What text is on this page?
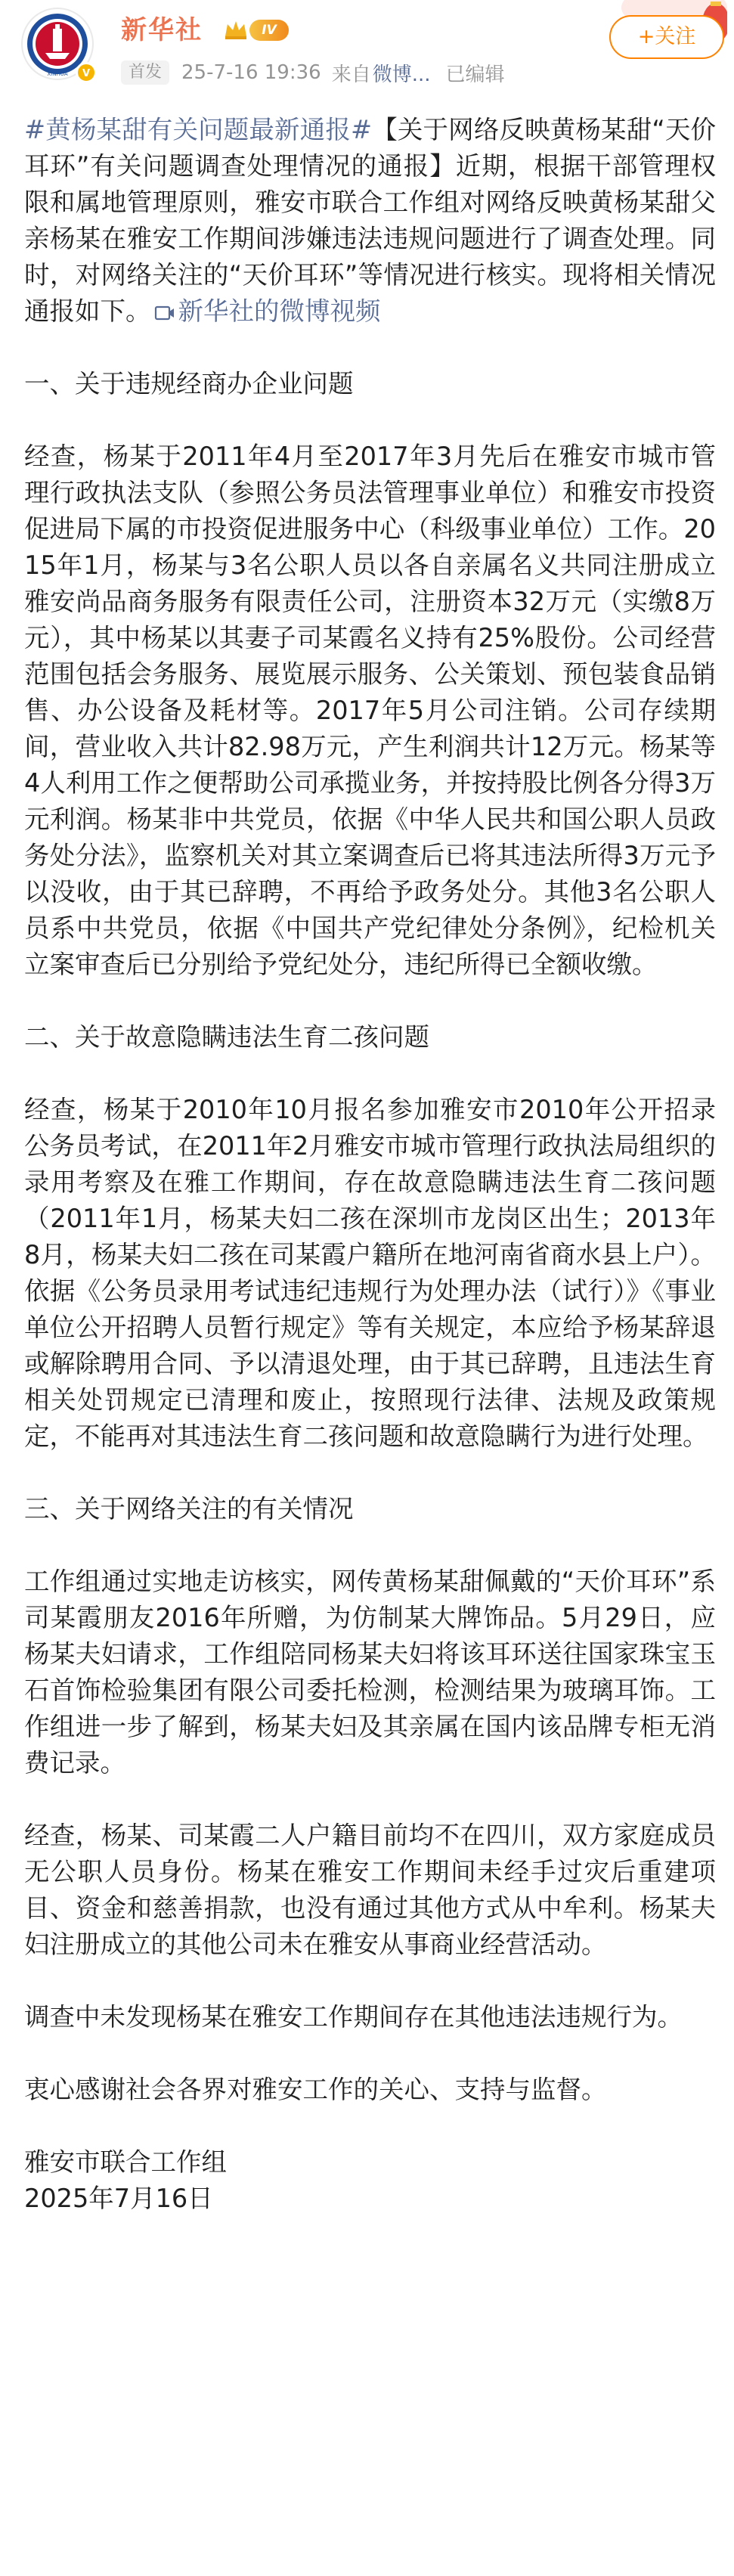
XINHUA V
新华社	IV
首发	25-7-16 19:36 来自 微博... 已编辑
+关注

#黄杨某甜有关问题最新通报#【关于网络反映黄杨某甜“天价耳环”有关问题调查处理情况的通报】近期，根据干部管理权限和属地管理原则，雅安市联合工作组对网络反映黄杨某甜父亲杨某在雅安工作期间涉嫌违法违规问题进行了调查处理。同时，对网络关注的“天价耳环”等情况进行核实。现将相关情况通报如下。 新华社的微博视频

一、关于违规经商办企业问题

经查，杨某于2011年4月至2017年3月先后在雅安市城市管理行政执法支队（参照公务员法管理事业单位）和雅安市投资促进局下属的市投资促进服务中心（科级事业单位）工作。2015年1月，杨某与3名公职人员以各自亲属名义共同注册成立雅安尚品商务服务有限责任公司，注册资本32万元（实缴8万元），其中杨某以其妻子司某霞名义持有25%股份。公司经营范围包括会务服务、展览展示服务、公关策划、预包装食品销售、办公设备及耗材等。2017年5月公司注销。公司存续期间，营业收入共计82.98万元，产生利润共计12万元。杨某等4人利用工作之便帮助公司承揽业务，并按持股比例各分得3万元利润。杨某非中共党员，依据《中华人民共和国公职人员政务处分法》，监察机关对其立案调查后已将其违法所得3万元予以没收，由于其已辞聘，不再给予政务处分。其他3名公职人员系中共党员，依据《中国共产党纪律处分条例》，纪检机关立案审查后已分别给予党纪处分，违纪所得已全额收缴。

二、关于故意隐瞒违法生育二孩问题

经查，杨某于2010年10月报名参加雅安市2010年公开招录公务员考试，在2011年2月雅安市城市管理行政执法局组织的录用考察及在雅工作期间，存在故意隐瞒违法生育二孩问题（2011年1月，杨某夫妇二孩在深圳市龙岗区出生；2013年8月，杨某夫妇二孩在司某霞户籍所在地河南省商水县上户）。依据《公务员录用考试违纪违规行为处理办法（试行）》《事业单位公开招聘人员暂行规定》等有关规定，本应给予杨某辞退或解除聘用合同、予以清退处理，由于其已辞聘，且违法生育相关处罚规定已清理和废止，按照现行法律、法规及政策规定，不能再对其违法生育二孩问题和故意隐瞒行为进行处理。

三、关于网络关注的有关情况

工作组通过实地走访核实，网传黄杨某甜佩戴的“天价耳环”系司某霞朋友2016年所赠，为仿制某大牌饰品。5月29日，应杨某夫妇请求，工作组陪同杨某夫妇将该耳环送往国家珠宝玉石首饰检验集团有限公司委托检测，检测结果为玻璃耳饰。工作组进一步了解到，杨某夫妇及其亲属在国内该品牌专柜无消费记录。

经查，杨某、司某霞二人户籍目前均不在四川，双方家庭成员无公职人员身份。杨某在雅安工作期间未经手过灾后重建项目、资金和慈善捐款，也没有通过其他方式从中牟利。杨某夫妇注册成立的其他公司未在雅安从事商业经营活动。

调查中未发现杨某在雅安工作期间存在其他违法违规行为。

衷心感谢社会各界对雅安工作的关心、支持与监督。

雅安市联合工作组

2025年7月16日
